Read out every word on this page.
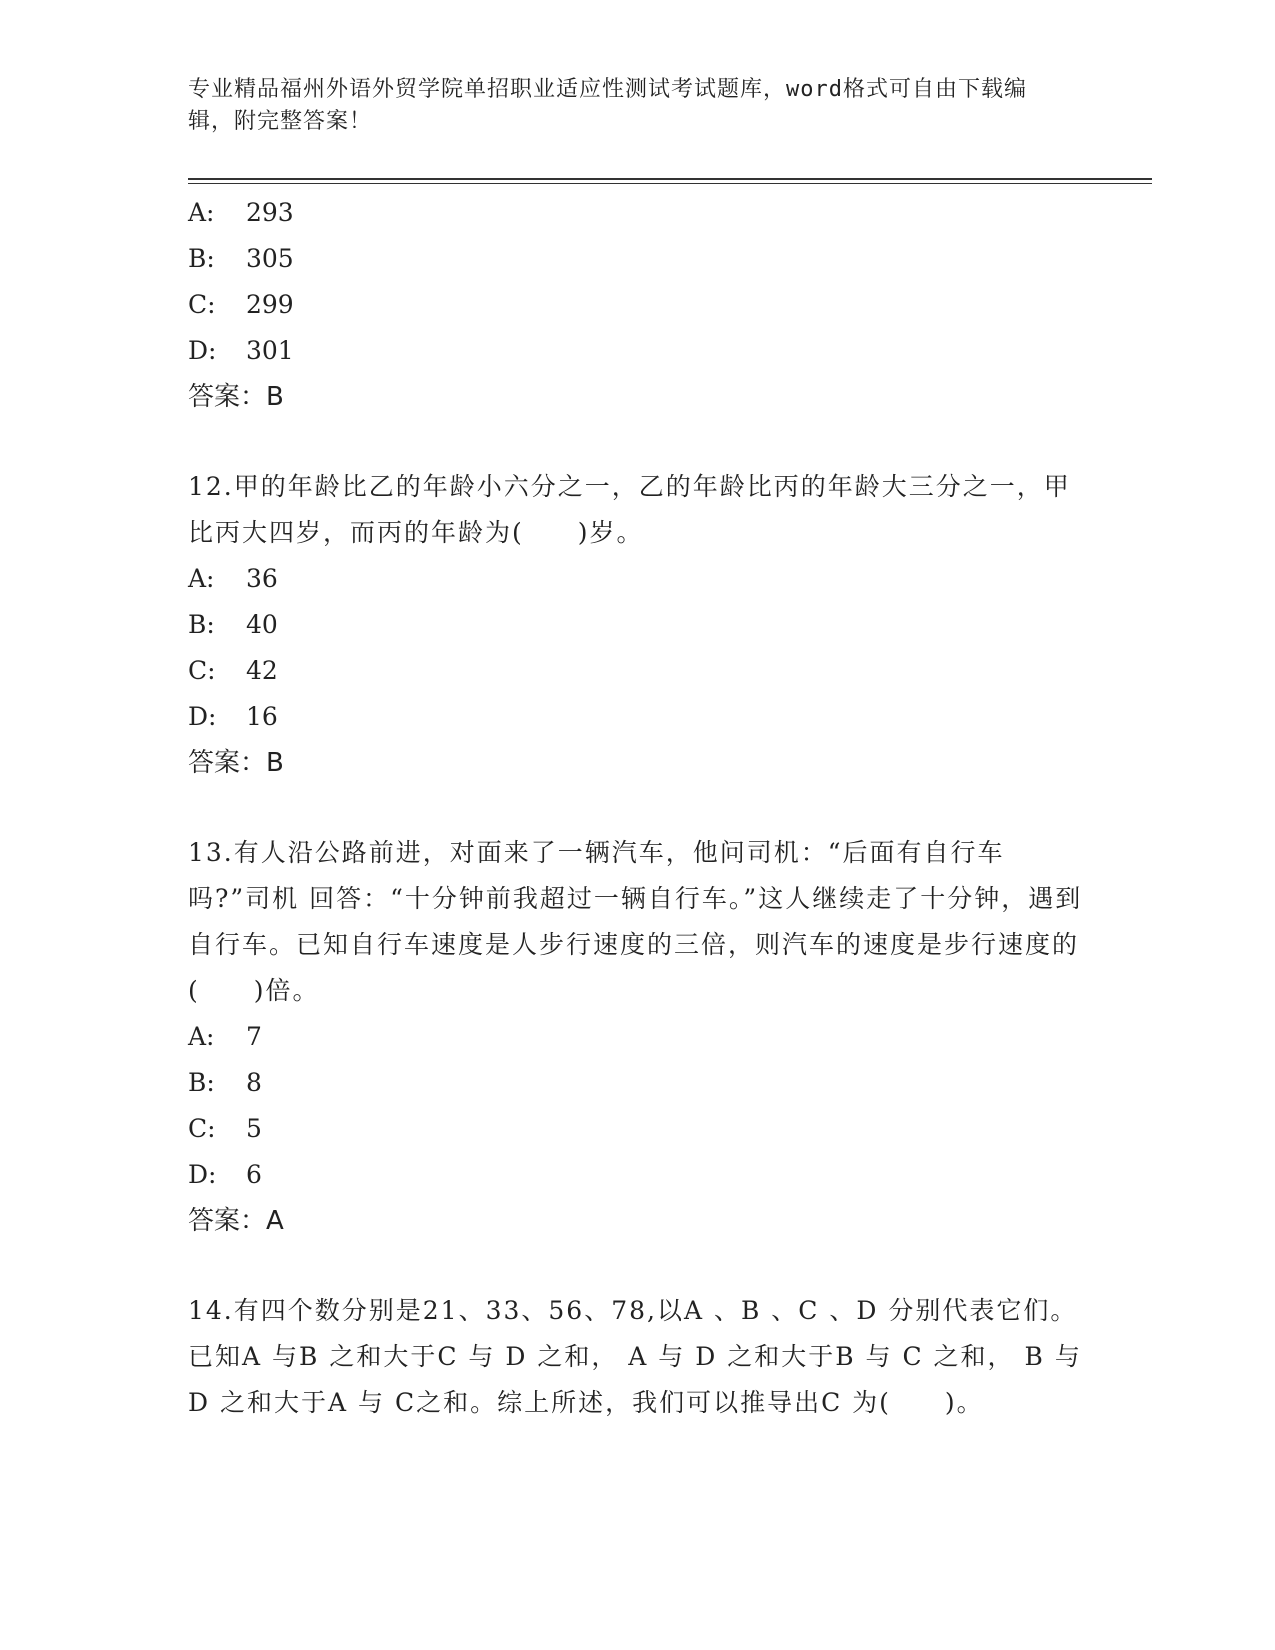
专业精品福州外语外贸学院单招职业适应性测试考试题库，word格式可自由下载编辑，附完整答案！
A: 293
B: 305
C: 299
D: 301
答案：B
12.甲的年龄比乙的年龄小六分之一，乙的年龄比丙的年龄大三分之一，甲比丙大四岁，而丙的年龄为(　　)岁。
A: 36
B: 40
C: 42
D: 16
答案：B
13.有人沿公路前进，对面来了一辆汽车，他问司机：“后面有自行车吗?”司机 回答：“十分钟前我超过一辆自行车。”这人继续走了十分钟，遇到自行车。已知自行车速度是人步行速度的三倍，则汽车的速度是步行速度的(　　)倍。
A: 7
B: 8
C: 5
D: 6
答案：A
14.有四个数分别是21、33、56、78,以A 、B 、C 、D 分别代表它们。已知A 与B 之和大于C 与 D 之和， A 与 D 之和大于B 与 C 之和， B 与 D 之和大于A 与 C之和。综上所述，我们可以推导出C 为(　　)。
